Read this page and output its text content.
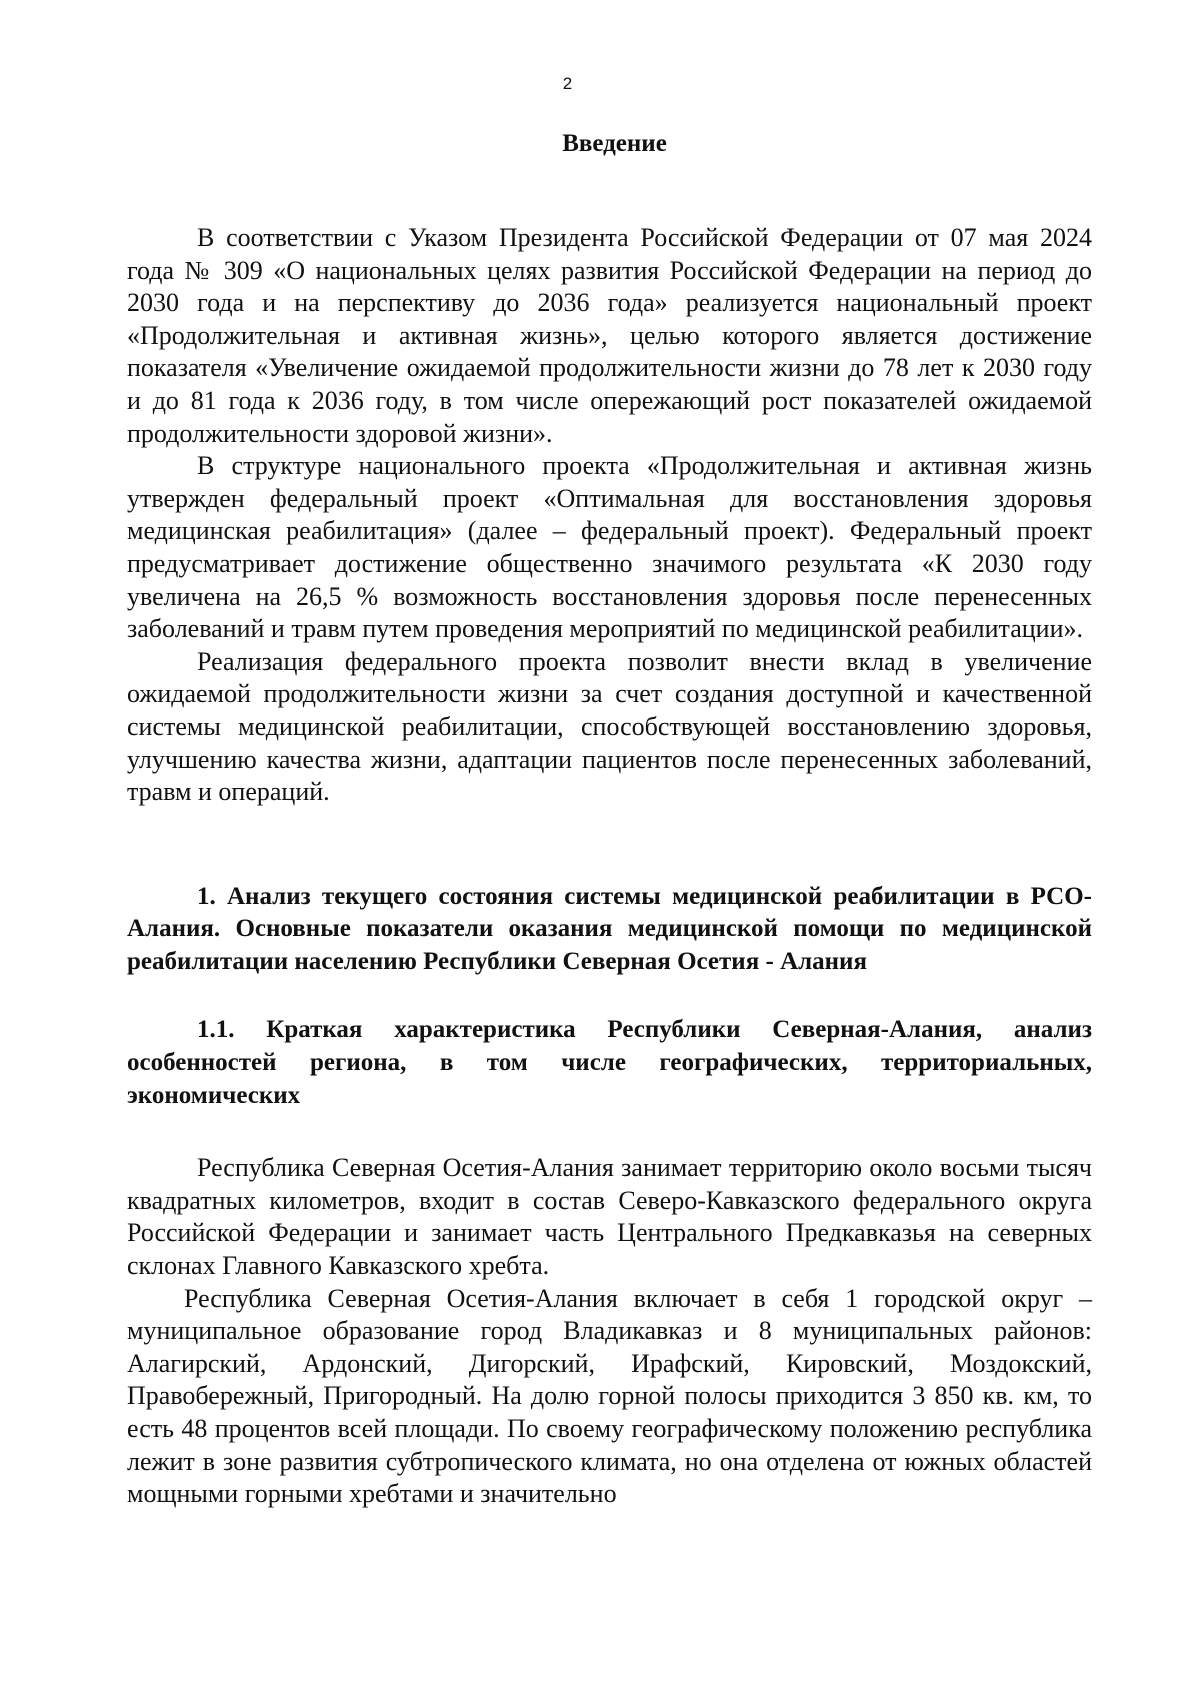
2
Введение

В соответствии с Указом Президента Российской Федерации от 07 мая 2024 года № 309 «О национальных целях развития Российской Федерации на период до 2030 года и на перспективу до 2036 года» реализуется национальный проект «Продолжительная и активная жизнь», целью которого является достижение показателя «Увеличение ожидаемой продолжительности жизни до 78 лет к 2030 году и до 81 года к 2036 году, в том числе опережающий рост показателей ожидаемой продолжительности здоровой жизни».

В структуре национального проекта «Продолжительная и активная жизнь утвержден федеральный проект «Оптимальная для восстановления здоровья медицинская реабилитация» (далее – федеральный проект). Федеральный проект предусматривает достижение общественно значимого результата «К 2030 году увеличена на 26,5 % возможность восстановления здоровья после перенесенных заболеваний и травм путем проведения мероприятий по медицинской реабилитации».

Реализация федерального проекта позволит внести вклад в увеличение ожидаемой продолжительности жизни за счет создания доступной и качественной системы медицинской реабилитации, способствующей восстановлению здоровья, улучшению качества жизни, адаптации пациентов после перенесенных заболеваний, травм и операций.

1. Анализ текущего состояния системы медицинской реабилитации в РСО-Алания. Основные показатели оказания медицинской помощи по медицинской реабилитации населению Республики Северная Осетия - Алания

1.1. Краткая характеристика Республики Северная-Алания, анализ особенностей региона, в том числе географических, территориальных, экономических

Республика Северная Осетия-Алания занимает территорию около восьми тысяч квадратных километров, входит в состав Северо-Кавказского федерального округа Российской Федерации и занимает часть Центрального Предкавказья на северных склонах Главного Кавказского хребта.

Республика Северная Осетия-Алания включает в себя 1 городской округ – муниципальное образование город Владикавказ и 8 муниципальных районов: Алагирский, Ардонский, Дигорский, Ирафский, Кировский, Моздокский, Правобережный, Пригородный. На долю горной полосы приходится 3 850 кв. км, то есть 48 процентов всей площади. По своему географическому положению республика лежит в зоне развития субтропического климата, но она отделена от южных областей мощными горными хребтами и значительно
